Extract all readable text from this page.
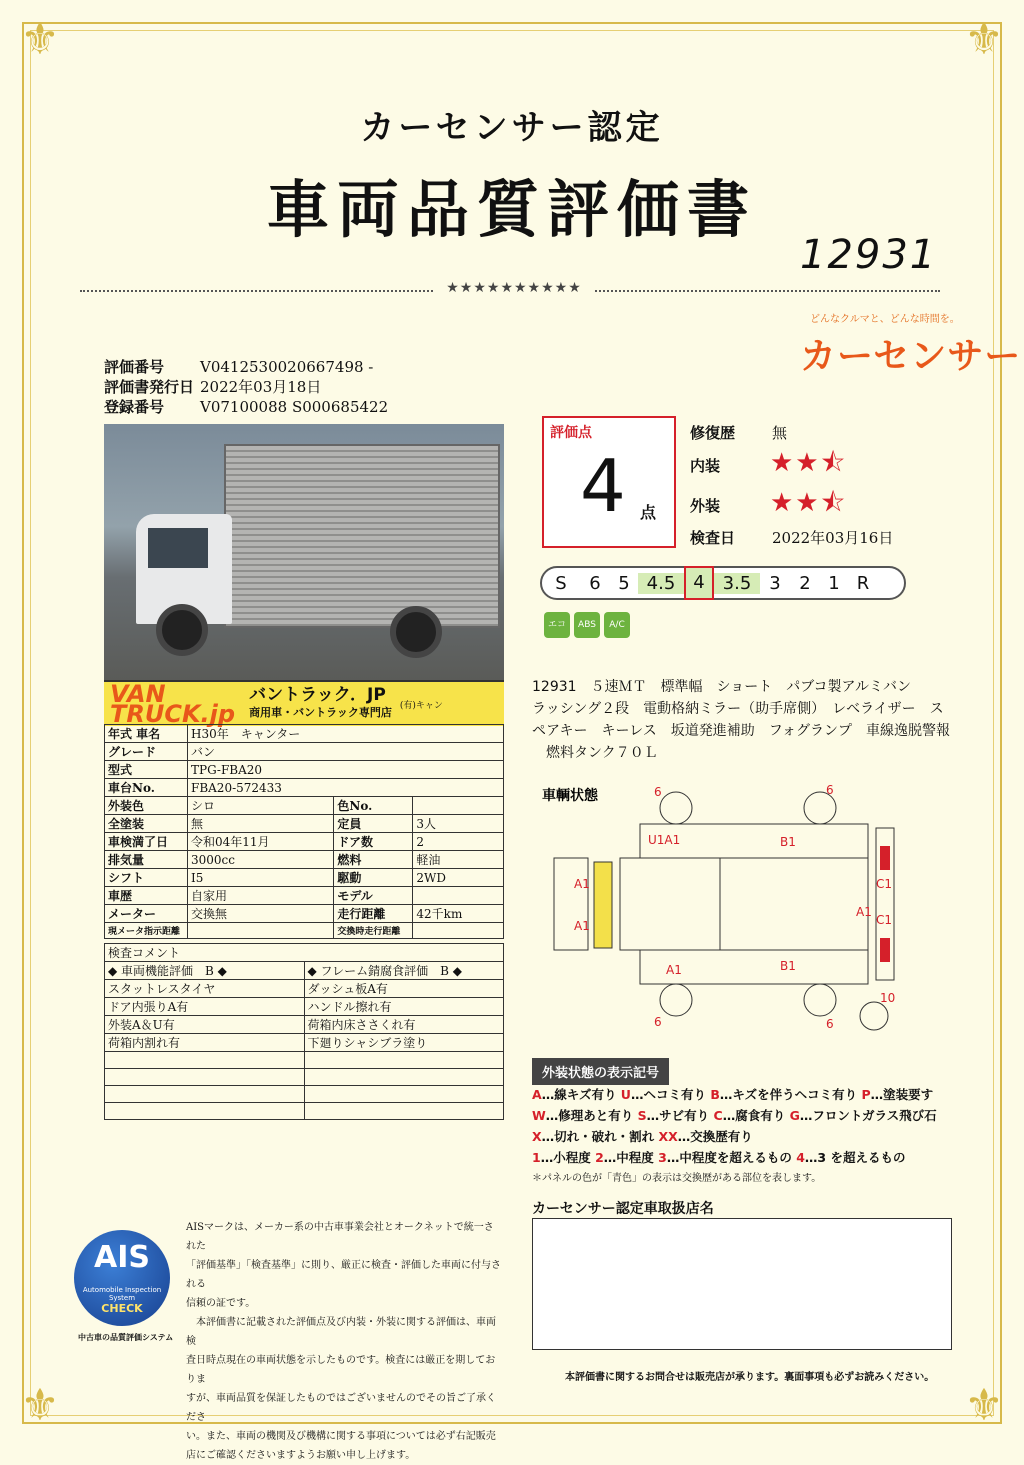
⚜	⚜
⚜	⚜
カーセンサー認定
車両品質評価書
12931
★★★★★★★★★★
どんなクルマと、どんな時間を。
カーセンサー
評価番号 V0412530020667498 -
評価書発行日 2022年03月18日
登録番号 V07100088 S000685422
VAN
TRUCK.jp
バントラック．JP
商用車・バントラック専門店
(有)キャン
年式 車名	H30年　キャンター		
グレード	バン		
型式	TPG-FBA20		
車台No.	FBA20-572433		
外装色	シロ	色No.	
全塗装	無	定員	3人
車検満了日	令和04年11月	ドア数	2
排気量	3000cc	燃料	軽油
シフト	I5	駆動	2WD
車歴	自家用	モデル	
メーター	交換無	走行距離	42千km
現メータ指示距離		交換時走行距離	
検査コメント	
◆ 車両機能評価　B ◆	◆ フレーム錆腐食評価　B ◆
スタットレスタイヤ	ダッシュ板A有
ドア内張りA有	ハンドル擦れ有
外装A＆U有	荷箱内床ささくれ有
荷箱内割れ有	下廻りシャシブラ塗り

評価点
4 点
修復歴 無
内装 ★★⯪
外装 ★★⯪
検査日 2022年03月16日
S	6 5 4.5 4 3.5 3	2 1 R
エコ	ABS	A/C

12931　５速ＭＴ　標準幅　ショート　パブコ製アルミバン

ラッシング２段　電動格納ミラー（助手席側）　レベライザー　ス

ペアキー　キーレス　坂道発進補助　フォグランプ　車線逸脱警報

　燃料タンク７０Ｌ

車輌状態	6	6
U1A1	B1
A1
A1
A1
C1
C1
A1	B1
6	6
10
外装状態の表示記号

A…線キズ有り U…ヘコミ有り B…キズを伴うヘコミ有り P…塗装要す

W…修理あと有り S…サビ有り C…腐食有り G…フロントガラス飛び石

X…切れ・破れ・割れ XX…交換歴有り

1…小程度 2…中程度 3…中程度を超えるもの 4…3 を超えるもの

＊パネルの色が「青色」の表示は交換歴がある部位を表します。

カーセンサー認定車取扱店名
AIS
Automobile Inspection System
CHECK
中古車の品質評価システム

AISマークは、メーカー系の中古車事業会社とオークネットで統一された

「評価基準」「検査基準」に則り、厳正に検査・評価した車両に付与される

信頼の証です。

　本評価書に記載された評価点及び内装・外装に関する評価は、車両検

査日時点現在の車両状態を示したものです。検査には厳正を期しておりま

すが、車両品質を保証したものではございませんのでその旨ご了承くださ

い。また、車両の機関及び機構に関する事項については必ず右記販売

店にご確認くださいますようお願い申し上げます。

本評価書に関するお問合せは販売店が承ります。裏面事項も必ずお読みください。
